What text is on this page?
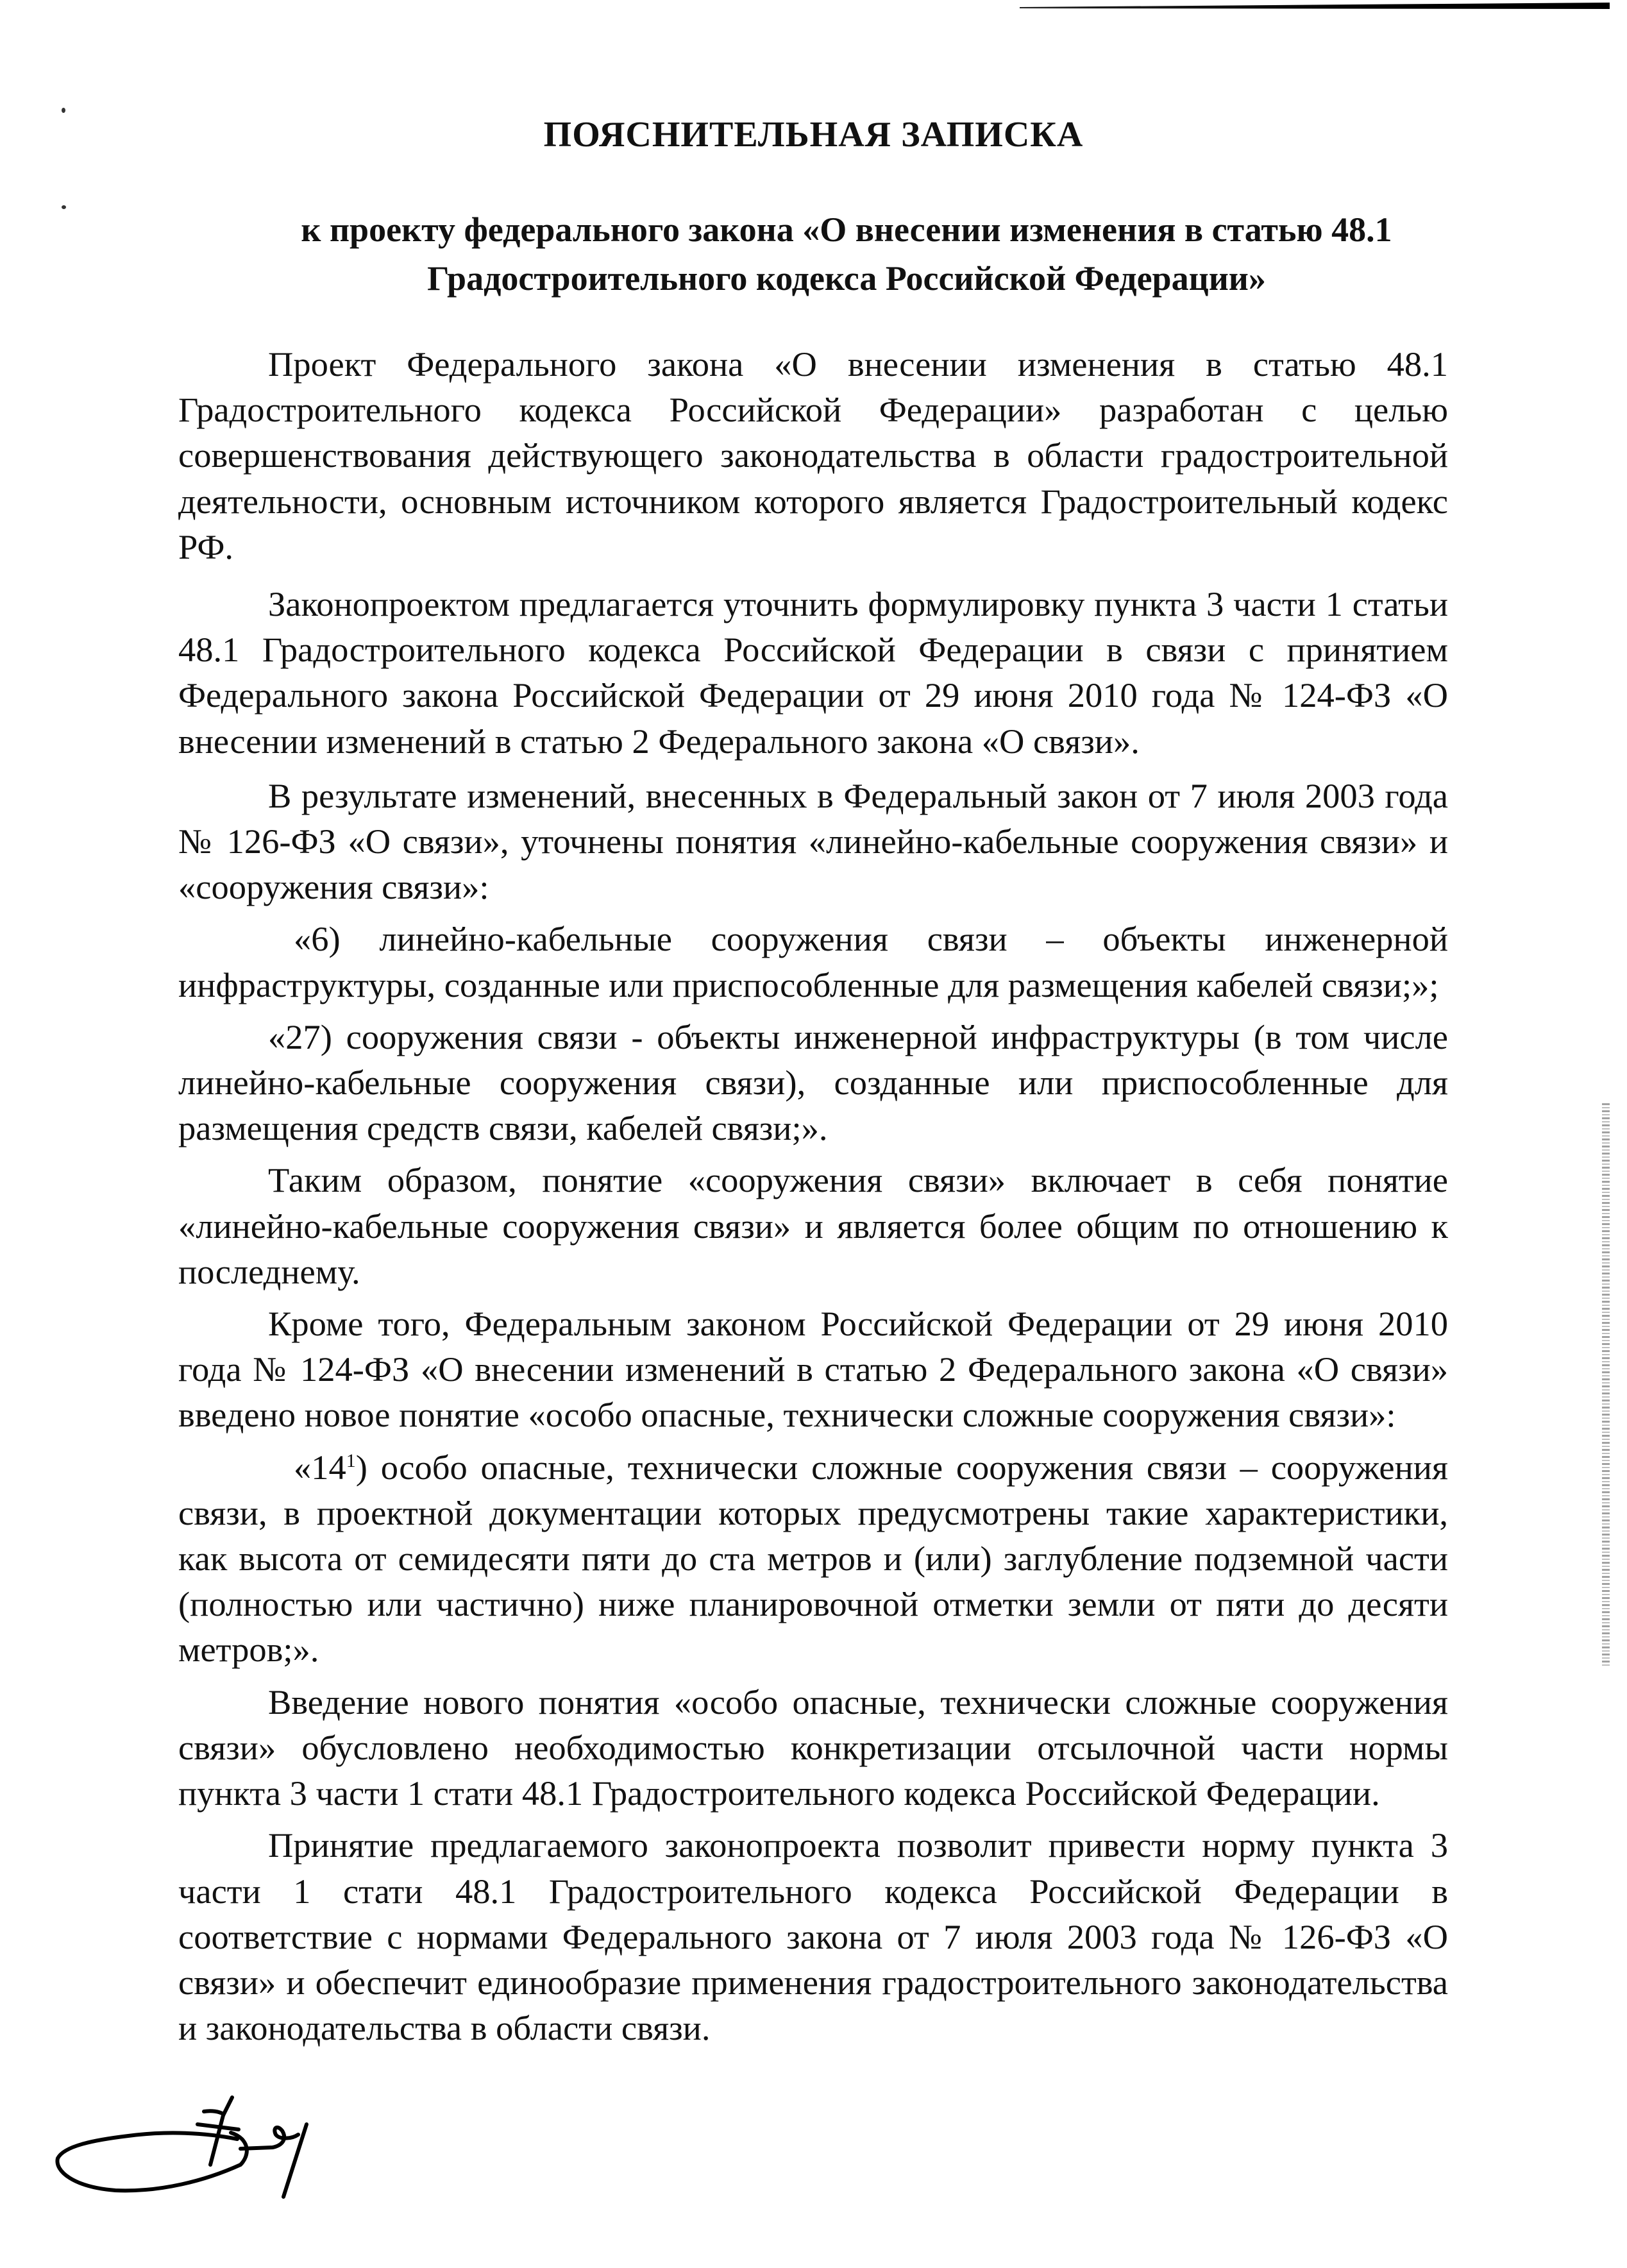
ПОЯСНИТЕЛЬНАЯ ЗАПИСКА
к проекту федерального закона «О внесении изменения в статью 48.1
Градостроительного кодекса Российской Федерации»

Проект Федерального закона «О внесении изменения в статью 48.1 Градостроительного кодекса Российской Федерации» разработан с целью совершенствования действующего законодательства в области градостроительной деятельности, основным источником которого является Градостроительный кодекс РФ.

Законопроектом предлагается уточнить формулировку пункта 3 части 1 статьи 48.1 Градостроительного кодекса Российской Федерации в связи с принятием Федерального закона Российской Федерации от 29 июня 2010 года № 124-ФЗ «О внесении изменений в статью 2 Федерального закона «О связи».

В результате изменений, внесенных в Федеральный закон от 7 июля 2003 года № 126-ФЗ «О связи», уточнены понятия «линейно-кабельные сооружения связи» и «сооружения связи»:

«6) линейно-кабельные сооружения связи – объекты инженерной инфраструктуры, созданные или приспособленные для размещения кабелей связи;»;

«27) сооружения связи - объекты инженерной инфраструктуры (в том числе линейно-кабельные сооружения связи), созданные или приспособленные для размещения средств связи, кабелей связи;».

Таким образом, понятие «сооружения связи» включает в себя понятие «линейно-кабельные сооружения связи» и является более общим по отношению к последнему.

Кроме того, Федеральным законом Российской Федерации от 29 июня 2010 года № 124-ФЗ «О внесении изменений в статью 2 Федерального закона «О связи» введено новое понятие «особо опасные, технически сложные сооружения связи»:

«$14^1$) особо опасные, технически сложные сооружения связи – сооружения связи, в проектной документации которых предусмотрены такие характеристики, как высота от семидесяти пяти до ста метров и (или) заглубление подземной части (полностью или частично) ниже планировочной отметки земли от пяти до десяти метров;».

Введение нового понятия «особо опасные, технически сложные сооружения связи» обусловлено необходимостью конкретизации отсылочной части нормы пункта 3 части 1 стати 48.1 Градостроительного кодекса Российской Федерации.

Принятие предлагаемого законопроекта позволит привести норму пункта 3 части 1 стати 48.1 Градостроительного кодекса Российской Федерации в соответствие с нормами Федерального закона от 7 июля 2003 года № 126-ФЗ «О связи» и обеспечит единообразие применения градостроительного законодательства и законодательства в области связи.
